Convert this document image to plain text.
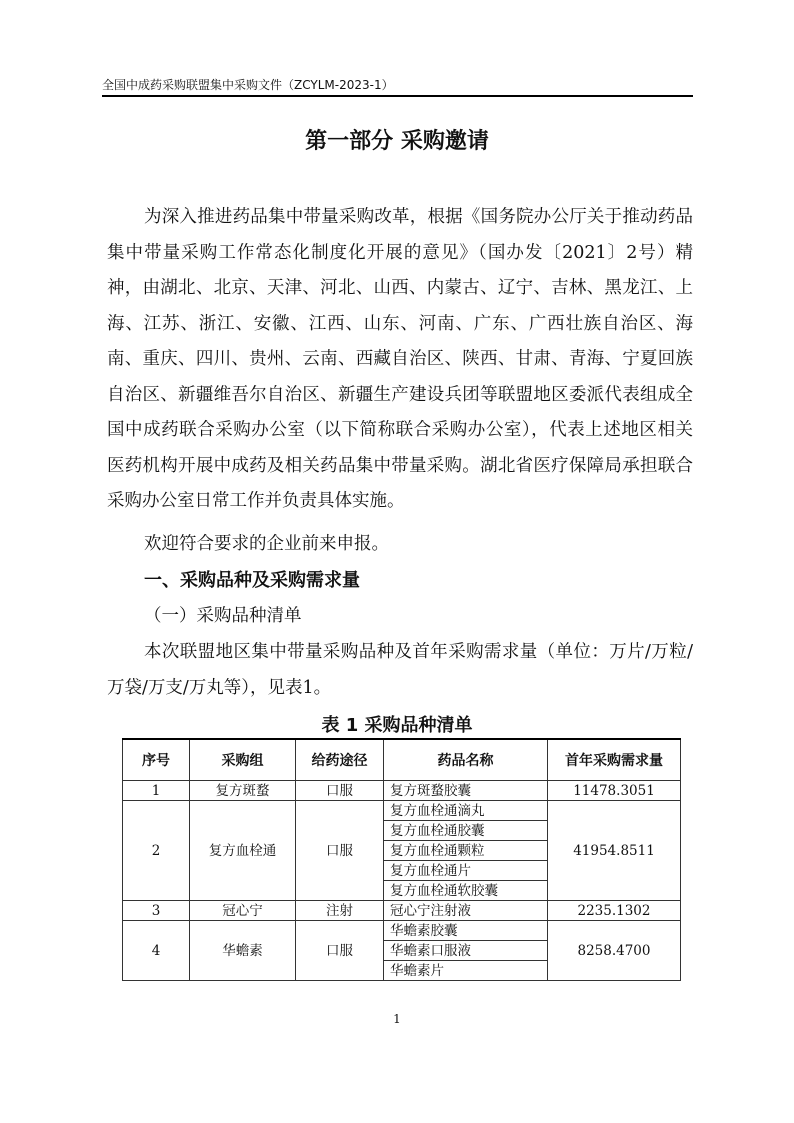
全国中成药采购联盟集中采购文件（ZCYLM-2023-1）
第一部分 采购邀请

为深入推进药品集中带量采购改革，根据《国务院办公厅关于推动药品集中带量采购工作常态化制度化开展的意见》（国办发〔2021〕2号）精神，由湖北、北京、天津、河北、山西、内蒙古、辽宁、吉林、黑龙江、上海、江苏、浙江、安徽、江西、山东、河南、广东、广西壮族自治区、海南、重庆、四川、贵州、云南、西藏自治区、陕西、甘肃、青海、宁夏回族自治区、新疆维吾尔自治区、新疆生产建设兵团等联盟地区委派代表组成全国中成药联合采购办公室（以下简称联合采购办公室），代表上述地区相关医药机构开展中成药及相关药品集中带量采购。湖北省医疗保障局承担联合采购办公室日常工作并负责具体实施。

欢迎符合要求的企业前来申报。
一、采购品种及采购需求量
（一）采购品种清单

本次联盟地区集中带量采购品种及首年采购需求量（单位：万片/万粒/万袋/万支/万丸等），见表1。

表 1 采购品种清单
序号	采购组	给药途径	药品名称	首年采购需求量
1	复方斑蝥	口服	复方斑蝥胶囊	11478.3051
2	复方血栓通	口服	复方血栓通滴丸	41954.8511
			复方血栓通胶囊	
			复方血栓通颗粒	
			复方血栓通片	
			复方血栓通软胶囊	
3	冠心宁	注射	冠心宁注射液	2235.1302
4	华蟾素	口服	华蟾素胶囊	8258.4700
			华蟾素口服液	
			华蟾素片	
1
